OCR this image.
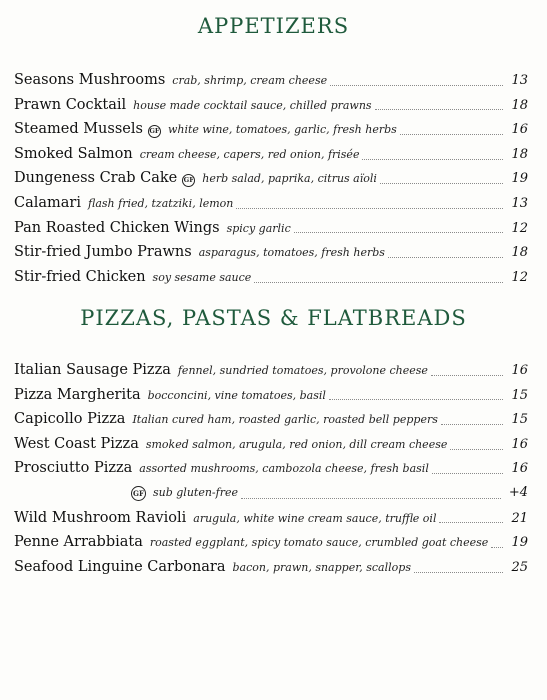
APPETIZERS
Seasons Mushrooms crab, shrimp, cream cheese	13
Prawn Cocktail house made cocktail sauce, chilled prawns	18
Steamed Mussels GF white wine, tomatoes, garlic, fresh herbs	16
Smoked Salmon cream cheese, capers, red onion, frisée	18
Dungeness Crab Cake GF herb salad, paprika, citrus aïoli	19
Calamari flash fried, tzatziki, lemon	13
Pan Roasted Chicken Wings spicy garlic	12
Stir-fried Jumbo Prawns asparagus, tomatoes, fresh herbs	18
Stir-fried Chicken soy sesame sauce	12
PIZZAS, PASTAS & FLATBREADS
Italian Sausage Pizza fennel, sundried tomatoes, provolone cheese	16
Pizza Margherita bocconcini, vine tomatoes, basil	15
Capicollo Pizza Italian cured ham, roasted garlic, roasted bell peppers	15
West Coast Pizza smoked salmon, arugula, red onion, dill cream cheese	16
Prosciutto Pizza assorted mushrooms, cambozola cheese, fresh basil	16
GF sub gluten-free	+4
Wild Mushroom Ravioli arugula, white wine cream sauce, truffle oil	21
Penne Arrabbiata roasted eggplant, spicy tomato sauce, crumbled goat cheese 19
Seafood Linguine Carbonara bacon, prawn, snapper, scallops	25
